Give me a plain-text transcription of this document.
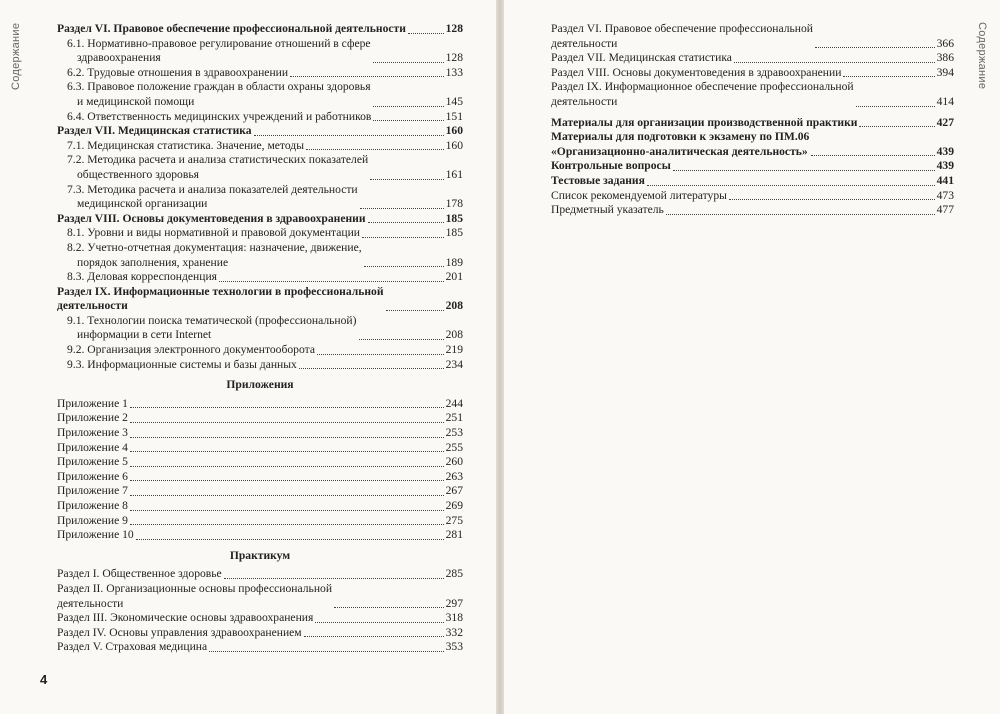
Содержание	Содержание
Раздел VI. Правовое обеспечение профессиональной деятельности	128
6.1. Нормативно-правовое регулирование отношений в сфере
здравоохранения	128
6.2. Трудовые отношения в здравоохранении	133
6.3. Правовое положение граждан в области охраны здоровья
и медицинской помощи	145
6.4. Ответственность медицинских учреждений и работников	151
Раздел VII. Медицинская статистика	160
7.1. Медицинская статистика. Значение, методы	160
7.2. Методика расчета и анализа статистических показателей
общественного здоровья	161
7.3. Методика расчета и анализа показателей деятельности
медицинской организации	178
Раздел VIII. Основы документоведения в здравоохранении	185
8.1. Уровни и виды нормативной и правовой документации	185
8.2. Учетно-отчетная документация: назначение, движение,
порядок заполнения, хранение	189
8.3. Деловая корреспонденция	201
Раздел IX. Информационные технологии в профессиональной
деятельности	208
9.1. Технологии поиска тематической (профессиональной)
информации в сети Internet	208
9.2. Организация электронного документооборота	219
9.3. Информационные системы и базы данных	234
Приложения
Приложение 1	244
Приложение 2	251
Приложение 3	253
Приложение 4	255
Приложение 5	260
Приложение 6	263
Приложение 7	267
Приложение 8	269
Приложение 9	275
Приложение 10	281
Практикум
Раздел I. Общественное здоровье	285
Раздел II. Организационные основы профессиональной
деятельности	297
Раздел III. Экономические основы здравоохранения	318
Раздел IV. Основы управления здравоохранением	332
Раздел V. Страховая медицина	353
Раздел VI. Правовое обеспечение профессиональной
деятельности	366
Раздел VII. Медицинская статистика	386
Раздел VIII. Основы документоведения в здравоохранении	394
Раздел IX. Информационное обеспечение профессиональной
деятельности	414
Материалы для организации производственной практики	427
Материалы для подготовки к экзамену по ПМ.06
«Организационно-аналитическая деятельность»	439
Контрольные вопросы	439
Тестовые задания	441
Список рекомендуемой литературы	473
Предметный указатель	477
4
